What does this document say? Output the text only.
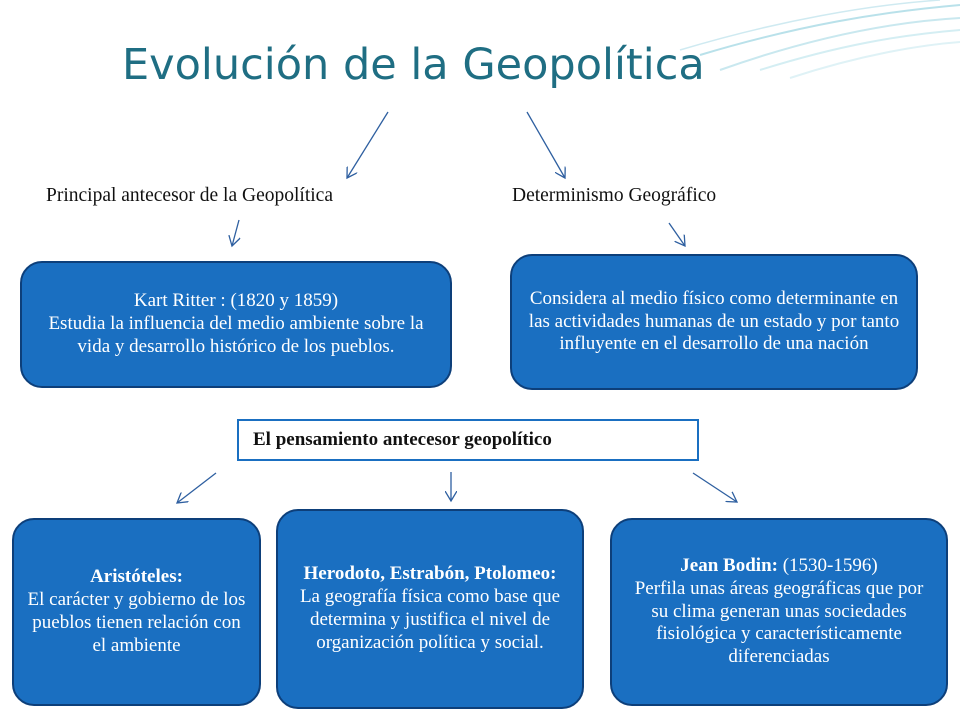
Evolución de la Geopolítica
Principal antecesor de la Geopolítica	Determinismo Geográfico
Kart Ritter : (1820 y 1859)
Estudia la influencia del medio ambiente sobre la vida y desarrollo histórico de los pueblos.
Considera al medio físico como determinante en las actividades humanas de un estado y por tanto influyente en el desarrollo de una nación
El pensamiento antecesor geopolítico
Aristóteles:
El carácter y gobierno de los pueblos tienen relación con el ambiente
Herodoto, Estrabón, Ptolomeo:
La geografía física como base que determina y justifica el nivel de organización política y social.
Jean Bodin: (1530-1596)
Perfila unas áreas geográficas que por su clima generan unas sociedades fisiológica y característicamente diferenciadas
